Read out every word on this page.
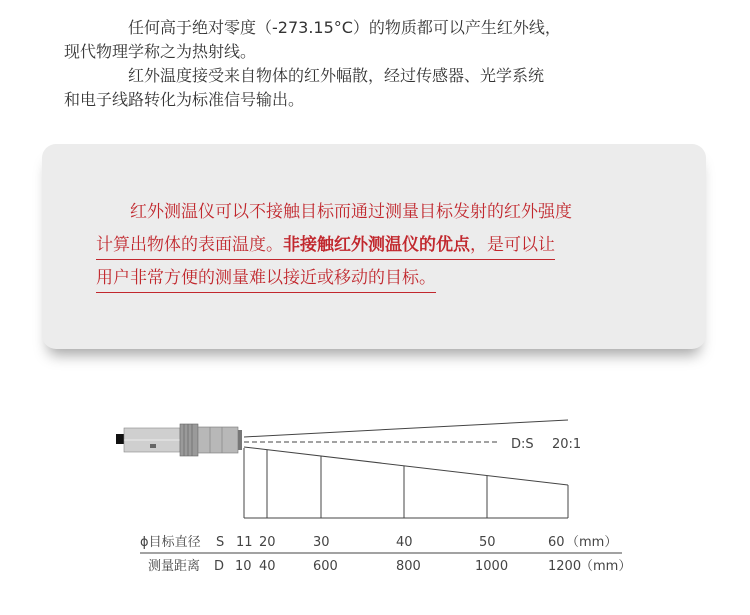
任何高于绝对零度（-273.15°C）的物质都可以产生红外线，
现代物理学称之为热射线。

红外温度接受来自物体的红外幅散，经过传感器、光学系统
和电子线路转化为标准信号输出。

红外测温仪可以不接触目标而通过测量目标发射的红外强度
计算出物体的表面温度。非接触红外测温仪的优点，是可以让
用户非常方便的测量难以接近或移动的目标。
D:S 20:1
ϕ目标直径 S 11 20	30	40	50	60 （mm）
测量距离 D 10 40	600	800	1000	1200
（mm）
